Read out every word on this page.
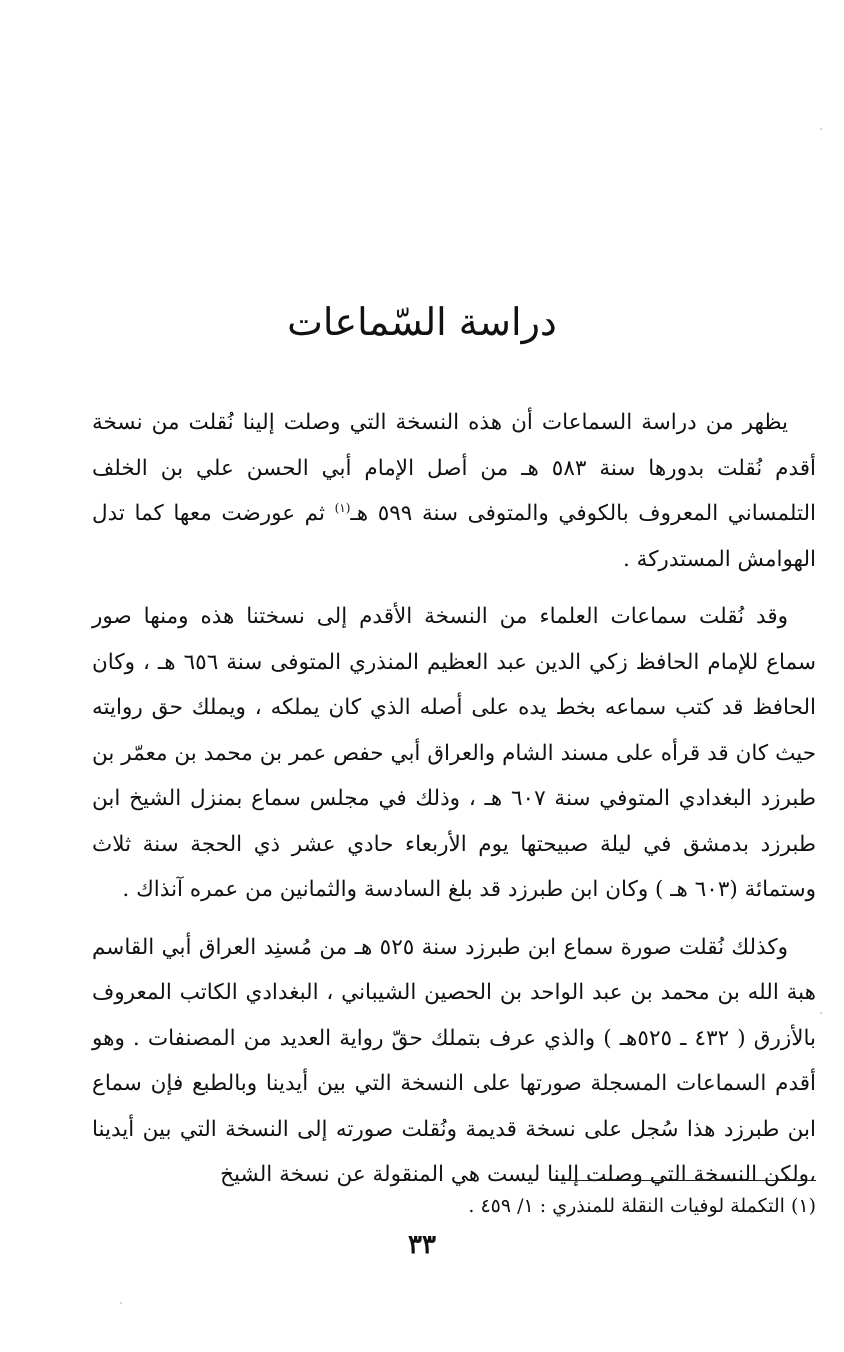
دراسة السّماعات

يظهر من دراسة السماعات أن هذه النسخة التي وصلت إلينا نُقلت من نسخة أقدم نُقلت بدورها سنة ٥٨٣ هـ من أصل الإمام أبي الحسن علي بن الخلف التلمساني المعروف بالكوفي والمتوفى سنة ٥٩٩ هـ$^{(١)}$ ثم عورضت معها كما تدل الهوامش المستدركة .

وقد نُقلت سماعات العلماء من النسخة الأقدم إلى نسختنا هذه ومنها صور سماع للإمام الحافظ زكي الدين عبد العظيم المنذري المتوفى سنة ٦٥٦ هـ ، وكان الحافظ قد كتب سماعه بخط يده على أصله الذي كان يملكه ، ويملك حق روايته حيث كان قد قرأه على مسند الشام والعراق أبي حفص عمر بن محمد بن معمّر بن طبرزد البغدادي المتوفي سنة ٦٠٧ هـ ، وذلك في مجلس سماع بمنزل الشيخ ابن طبرزد بدمشق في ليلة صبيحتها يوم الأربعاء حادي عشر ذي الحجة سنة ثلاث وستمائة (٦٠٣ هـ ) وكان ابن طبرزد قد بلغ السادسة والثمانين من عمره آنذاك .

وكذلك نُقلت صورة سماع ابن طبرزد سنة ٥٢٥ هـ من مُسنِد العراق أبي القاسم هبة الله بن محمد بن عبد الواحد بن الحصين الشيباني ، البغدادي الكاتب المعروف بالأزرق ( ٤٣٢ ـ ٥٢٥هـ ) والذي عرف بتملك حقّ رواية العديد من المصنفات . وهو أقدم السماعات المسجلة صورتها على النسخة التي بين أيدينا وبالطبع فإن سماع ابن طبرزد هذا سُجل على نسخة قديمة ونُقلت صورته إلى النسخة التي بين أيدينا ،ولكن النسخة التي وصلت إلينا ليست هي المنقولة عن نسخة الشيخ

(١) التكملة لوفيات النقلة للمنذري : ١/ ٤٥٩ .
٣٣
